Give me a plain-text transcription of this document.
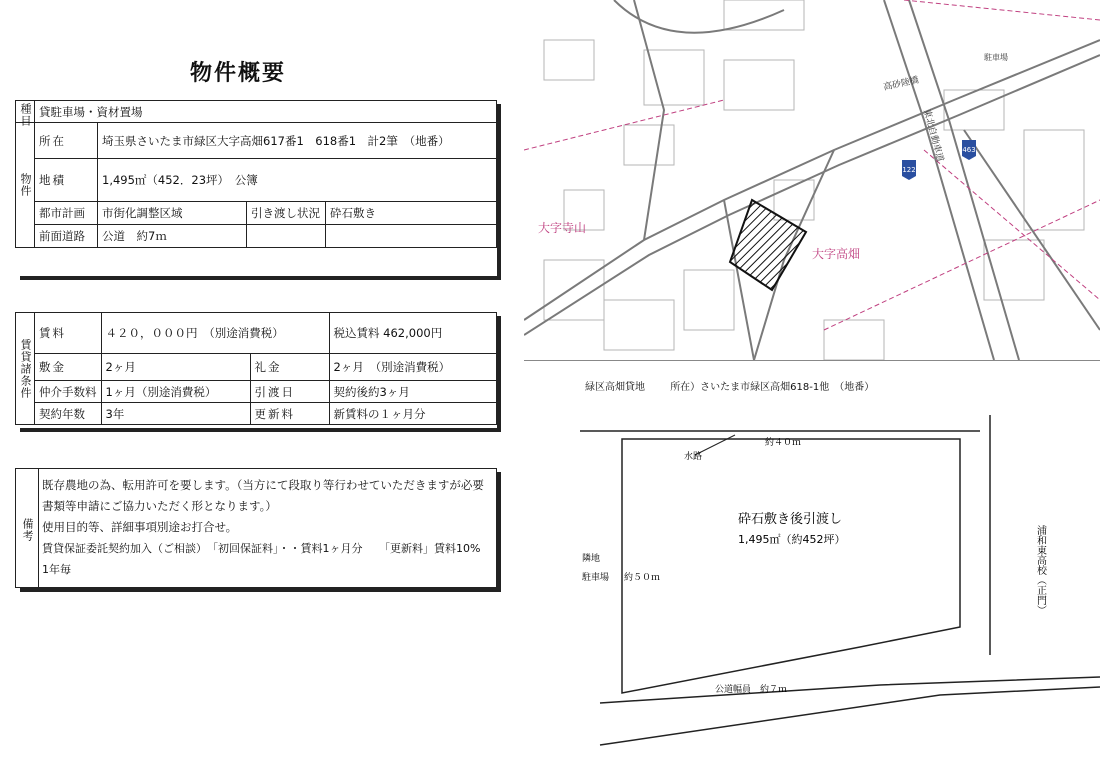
物件概要
種目	貸駐車場・資材置場			
物件	所在	埼玉県さいたま市緑区大字高畑617番1　618番1　計2筆　（地番）		
	地積	1,495㎡（452．23坪）　公簿		
	都市計画	市街化調整区域	引き渡し状況	砕石敷き
	前面道路	公道　約7ｍ		
賃貸諸条件	賃料	４２０，０００円　（別途消費税）		税込賃料 462,000円
	敷金	2ヶ月	礼金	2ヶ月　（別途消費税）
	仲介手数料	1ヶ月（別途消費税）	引渡日	契約後約3ヶ月
	契約年数	3年	更新料	新賃料の１ヶ月分
備考
既存農地の為、転用許可を要します。（当方にて段取り等行わせていただきますが必要
書類等申請にご協力いただく形となります。）
使用目的等、詳細事項別途お打合せ。
賃貸保証委託契約加入（ご相談）　「初回保証料」・・賃料1ヶ月分　　「更新料」賃料10%　1年毎
122
463
高砂陸橋
大字寺山
大字高畑
駐車場
東北自動車道
緑区高畑貸地	所在）さいたま市緑区高畑618-1他　（地番）
約４０ｍ
水路
砕石敷き後引渡し
1,495㎡（約452坪）
隣地
駐車場 約５０ｍ
公道幅員　約７ｍ
浦和東高校（正門）
